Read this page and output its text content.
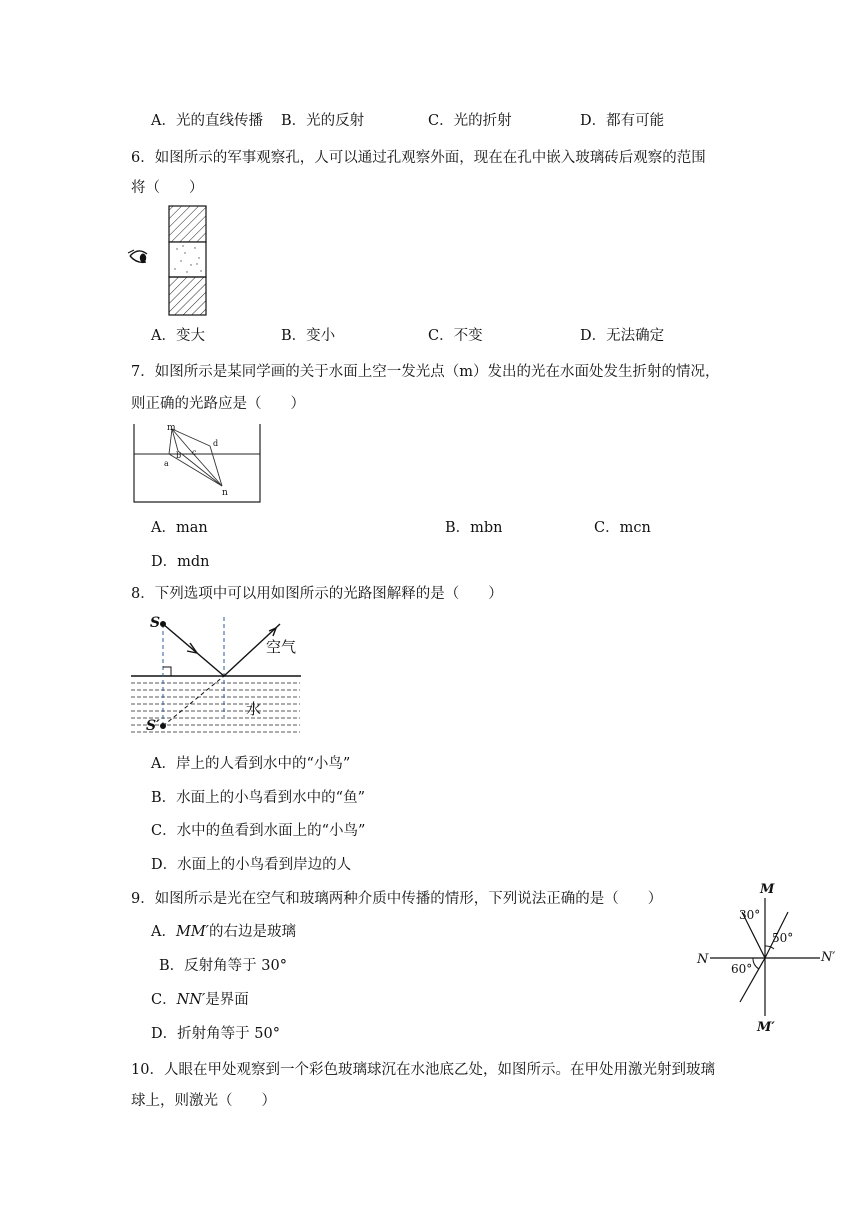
A．光的直线传播 B．光的反射	C．光的折射	D．都有可能
6．如图所示的军事观察孔，人可以通过孔观察外面，现在在孔中嵌入玻璃砖后观察的范围
将（　　）
A．变大	B．变小	C．不变	D．无法确定
7．如图所示是某同学画的关于水面上空一发光点（m）发出的光在水面处发生折射的情况，
则正确的光路应是（　　）
m
a
b c
d
n
A．man	B．mbn	C．mcn
D．mdn
8．下列选项中可以用如图所示的光路图解释的是（　　）
S
S′
空气
水
A．岸上的人看到水中的“小鸟”
B．水面上的小鸟看到水中的“鱼”
C．水中的鱼看到水面上的“小鸟”
D．水面上的小鸟看到岸边的人
9．如图所示是光在空气和玻璃两种介质中传播的情形，下列说法正确的是（　　）
A．MM′的右边是玻璃
B．反射角等于 30°
C．NN′是界面
D．折射角等于 50°
M
M′
N	N′
30°
50°
60°
10．人眼在甲处观察到一个彩色玻璃球沉在水池底乙处，如图所示。在甲处用激光射到玻璃
球上，则激光（　　）
